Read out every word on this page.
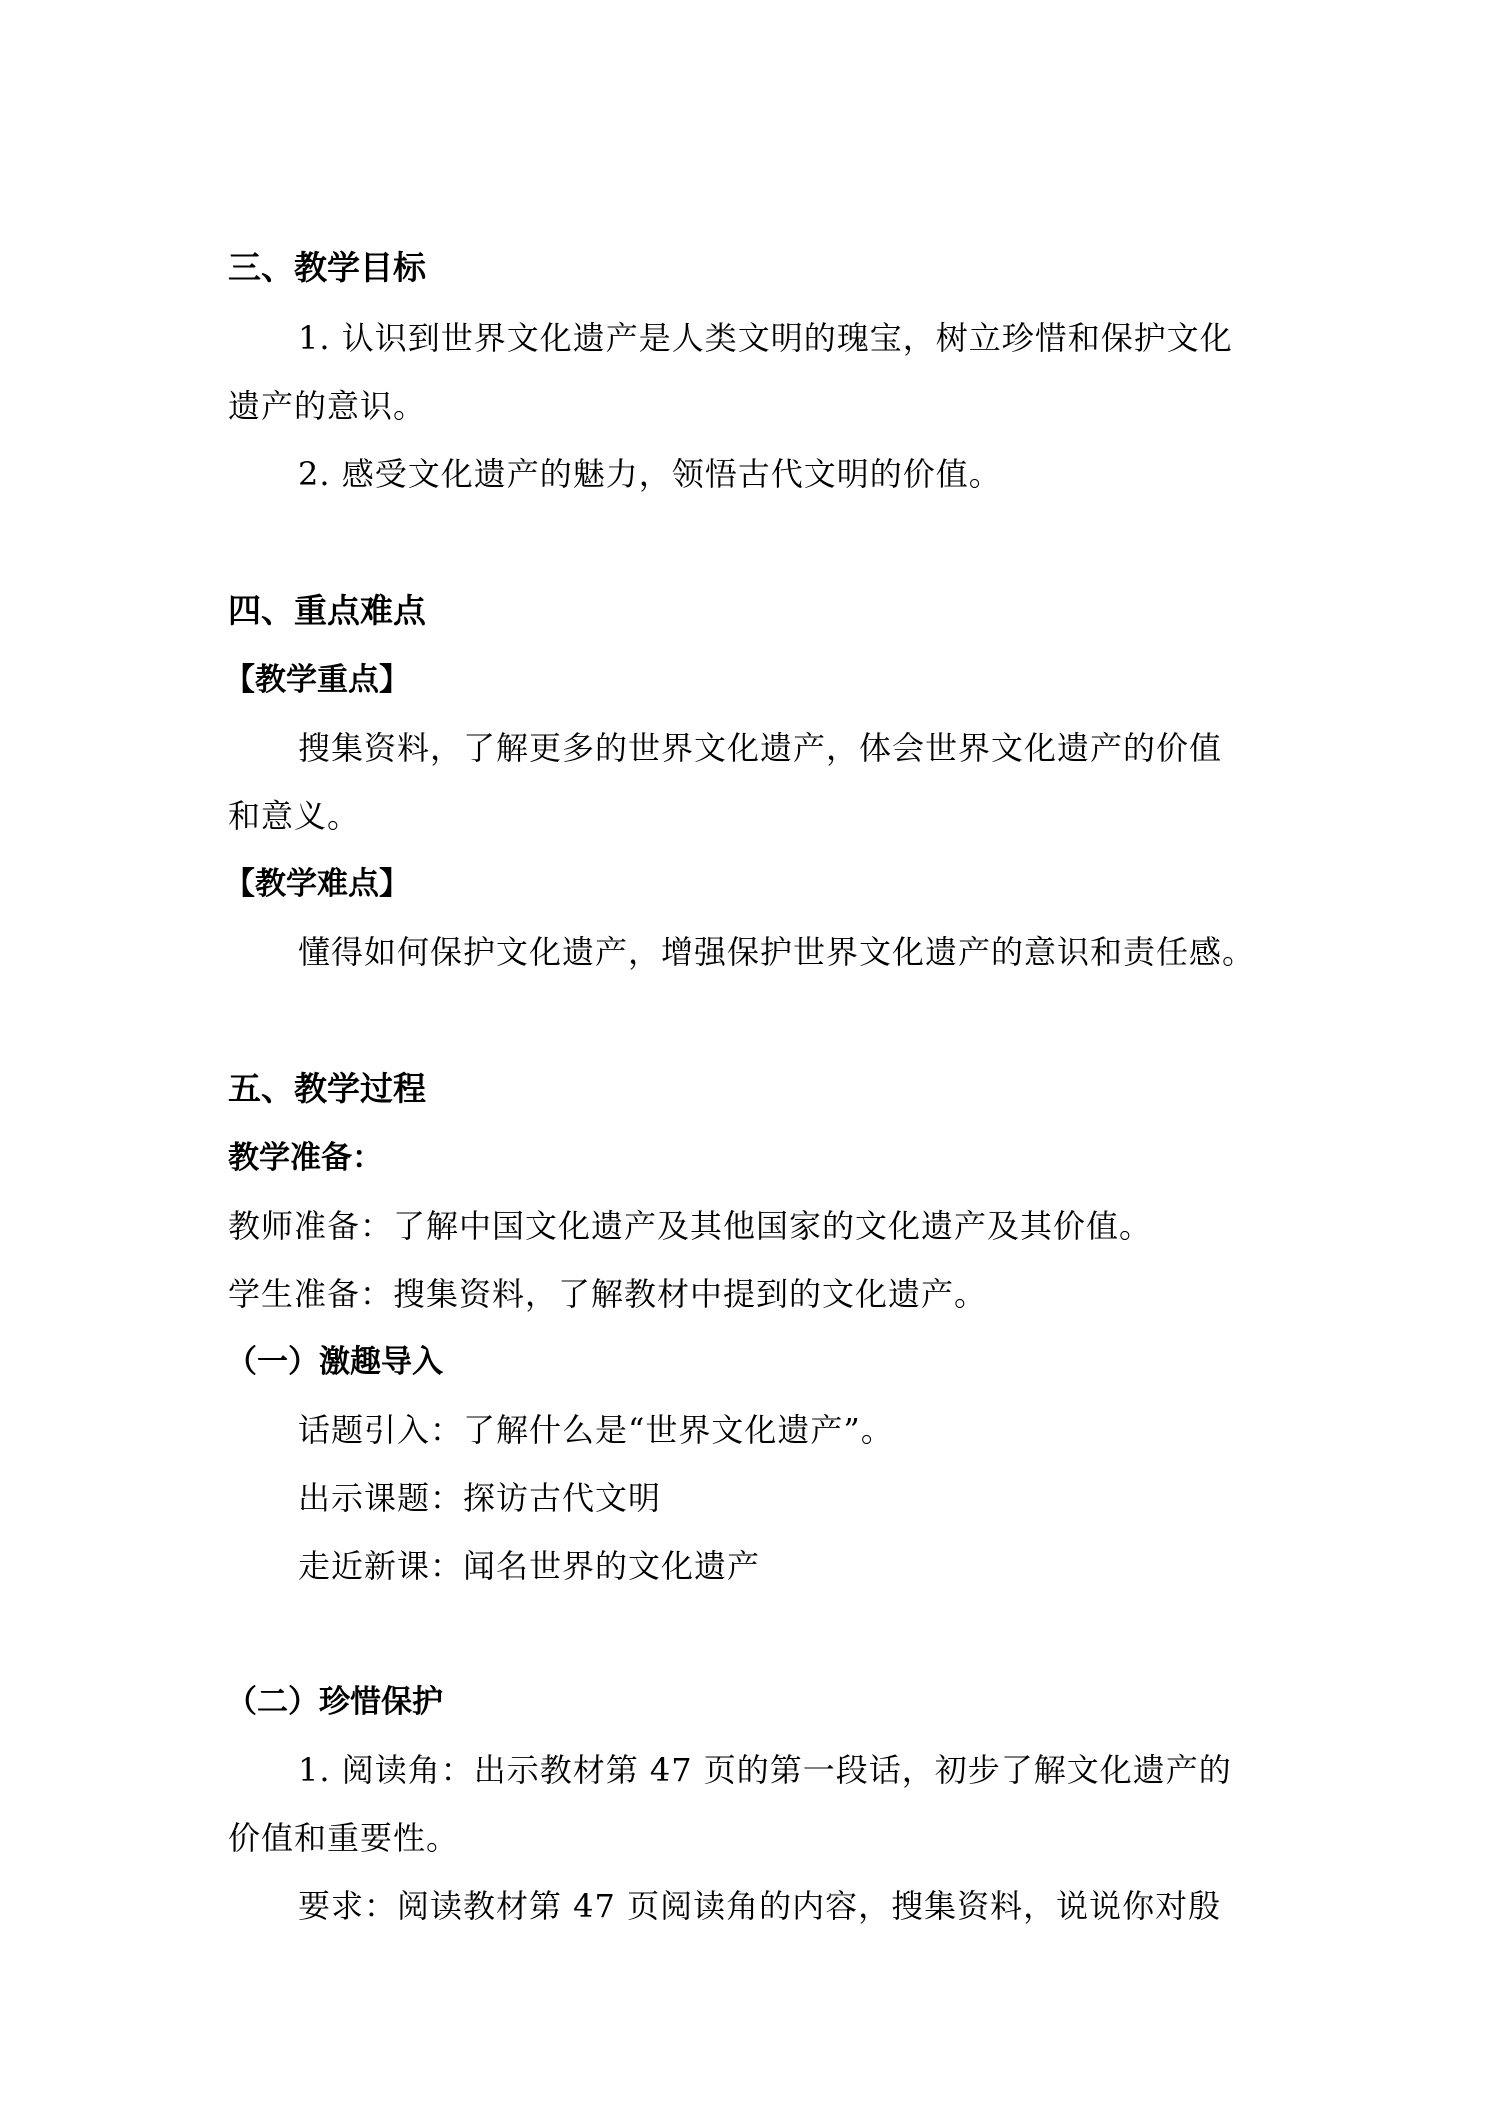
三、教学目标
1. 认识到世界文化遗产是人类文明的瑰宝，树立珍惜和保护文化
遗产的意识。
2. 感受文化遗产的魅力，领悟古代文明的价值。
四、重点难点
【教学重点】
搜集资料，了解更多的世界文化遗产，体会世界文化遗产的价值
和意义。
【教学难点】
懂得如何保护文化遗产，增强保护世界文化遗产的意识和责任感。
五、教学过程
教学准备：
教师准备：了解中国文化遗产及其他国家的文化遗产及其价值。
学生准备：搜集资料，了解教材中提到的文化遗产。
（一）激趣导入
话题引入：了解什么是“世界文化遗产”。
出示课题：探访古代文明
走近新课：闻名世界的文化遗产
（二）珍惜保护
1. 阅读角：出示教材第 47 页的第一段话，初步了解文化遗产的
价值和重要性。
要求：阅读教材第 47 页阅读角的内容，搜集资料，说说你对殷
